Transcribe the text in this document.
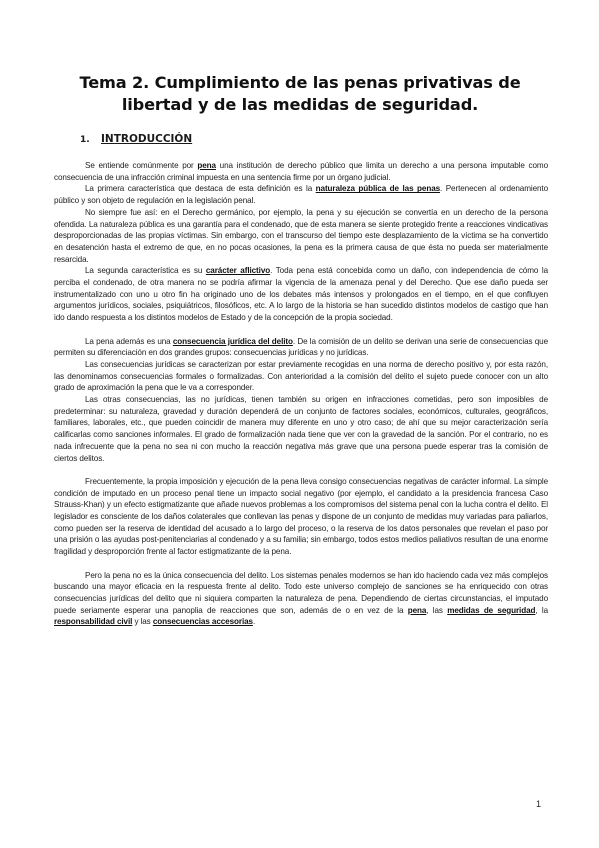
Tema 2. Cumplimiento de las penas privativas de libertad y de las medidas de seguridad.
1. INTRODUCCIÓN

Se entiende comúnmente por pena una institución de derecho público que limita un derecho a una persona imputable como consecuencia de una infracción criminal impuesta en una sentencia firme por un órgano judicial.

La primera característica que destaca de esta definición es la naturaleza pública de las penas. Pertenecen al ordenamiento público y son objeto de regulación en la legislación penal.

No siempre fue así: en el Derecho germánico, por ejemplo, la pena y su ejecución se convertía en un derecho de la persona ofendida. La naturaleza pública es una garantía para el condenado, que de esta manera se siente protegido frente a reacciones vindicativas desproporcionadas de las propias víctimas. Sin embargo, con el transcurso del tiempo este desplazamiento de la víctima se ha convertido en desatención hasta el extremo de que, en no pocas ocasiones, la pena es la primera causa de que ésta no pueda ser materialmente resarcida.

La segunda característica es su carácter aflictivo. Toda pena está concebida como un daño, con independencia de cómo la perciba el condenado, de otra manera no se podría afirmar la vigencia de la amenaza penal y del Derecho. Que ese daño pueda ser instrumentalizado con uno u otro fin ha originado uno de los debates más intensos y prolongados en el tiempo, en el que confluyen argumentos jurídicos, sociales, psiquiátricos, filosóficos, etc. A lo largo de la historia se han sucedido distintos modelos de castigo que han ido dando respuesta a los distintos modelos de Estado y de la concepción de la propia sociedad.

La pena además es una consecuencia jurídica del delito. De la comisión de un delito se derivan una serie de consecuencias que permiten su diferenciación en dos grandes grupos: consecuencias jurídicas y no jurídicas.

Las consecuencias jurídicas se caracterizan por estar previamente recogidas en una norma de derecho positivo y, por esta razón, las denominamos consecuencias formales o formalizadas. Con anterioridad a la comisión del delito el sujeto puede conocer con un alto grado de aproximación la pena que le va a corresponder.

Las otras consecuencias, las no jurídicas, tienen también su origen en infracciones cometidas, pero son imposibles de predeterminar: su naturaleza, gravedad y duración dependerá de un conjunto de factores sociales, económicos, culturales, geográficos, familiares, laborales, etc., que pueden coincidir de manera muy diferente en uno y otro caso; de ahí que su mejor caracterización sería calificarlas como sanciones informales. El grado de formalización nada tiene que ver con la gravedad de la sanción. Por el contrario, no es nada infrecuente que la pena no sea ni con mucho la reacción negativa más grave que una persona puede esperar tras la comisión de ciertos delitos.

Frecuentemente, la propia imposición y ejecución de la pena lleva consigo consecuencias negativas de carácter informal. La simple condición de imputado en un proceso penal tiene un impacto social negativo (por ejemplo, el candidato a la presidencia francesa Caso Strauss-Khan) y un efecto estigmatizante que añade nuevos problemas a los compromisos del sistema penal con la lucha contra el delito. El legislador es consciente de los daños colaterales que conllevan las penas y dispone de un conjunto de medidas muy variadas para paliarlos, como pueden ser la reserva de identidad del acusado a lo largo del proceso, o la reserva de los datos personales que revelan el paso por una prisión o las ayudas post-penitenciarias al condenado y a su familia; sin embargo, todos estos medios paliativos resultan de una enorme fragilidad y desproporción frente al factor estigmatizante de la pena.

Pero la pena no es la única consecuencia del delito. Los sistemas penales modernos se han ido haciendo cada vez más complejos buscando una mayor eficacia en la respuesta frente al delito. Todo este universo complejo de sanciones se ha enriquecido con otras consecuencias jurídicas del delito que ni siquiera comparten la naturaleza de pena. Dependiendo de ciertas circunstancias, el imputado puede seriamente esperar una panoplia de reacciones que son, además de o en vez de la pena, las medidas de seguridad, la responsabilidad civil y las consecuencias accesorias.

1
